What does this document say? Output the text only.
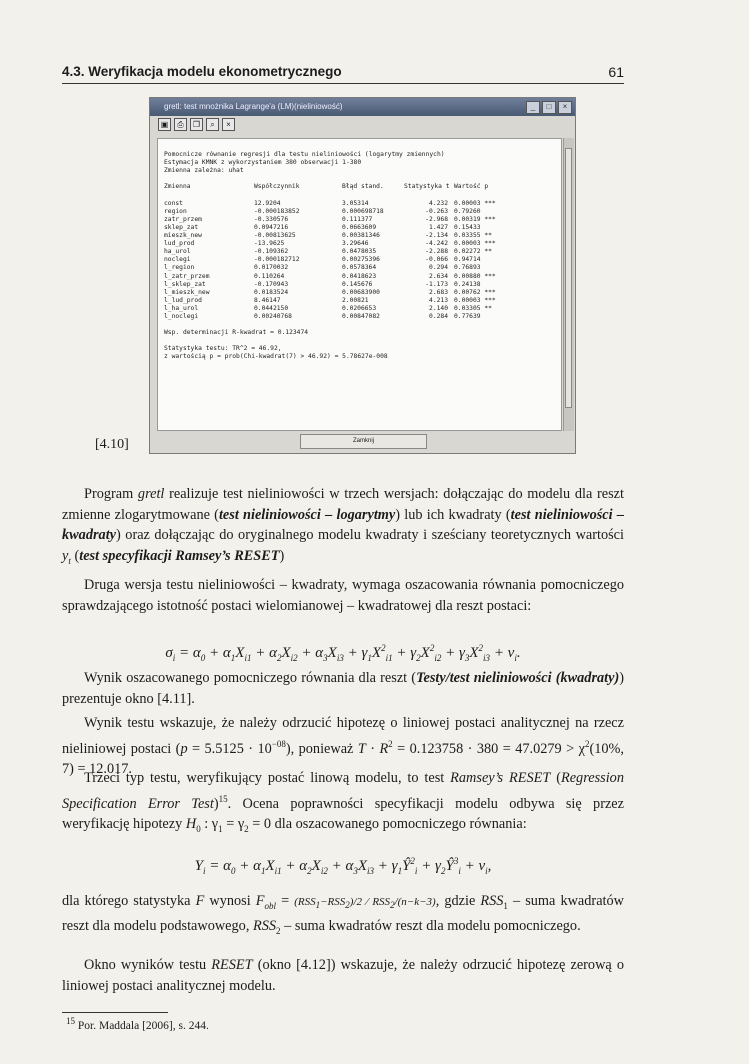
4.3. Weryfikacja modelu ekonometrycznego	61
gretl: test mnożnika Lagrange'a (LM)(nieliniowość)	_	□	×
▣	⎙	❐	⌕	×

Pomocnicze równanie regresji dla testu nieliniowości (logarytmy zmiennych)
Estymacja KMNK z wykorzystaniem 380 obserwacji 1-380
Zmienna zależna: uhat

Zmienna	Współczynnik	Błąd stand.	Statystyka t Wartość p

const	12.9204	3.05314	4.232 0.00003 ***
region	-0.000183852	0.000698718	-0.263 0.79260
zatr_przem	-0.330576	0.111377	-2.968 0.00319 ***
sklep_zat	0.0947216	0.0663609	1.427 0.15433
mieszk_new	-0.00813625	0.00381346	-2.134 0.03355 **
lud_prod	-13.9625	3.29646	-4.242 0.00003 ***
ha_urol	-0.109362	0.0478035	-2.288 0.02272 **
noclegi	-0.000182712	0.00275396	-0.066 0.94714
l_region	0.0170032	0.0578364	0.294 0.76893
l_zatr_przem	0.110264	0.0418623	2.634 0.00880 ***
l_sklep_zat	-0.170943	0.145676	-1.173 0.24138
l_mieszk_new	0.0183524	0.00683900	2.683 0.00762 ***
l_lud_prod	8.46147	2.00821	4.213 0.00003 ***
l_ha_urol	0.0442150	0.0206653	2.140 0.03305 **
l_noclegi	0.00240768	0.00847082	0.284 0.77639

Wsp. determinacji R-kwadrat = 0.123474

Statystyka testu: TR^2 = 46.92,
z wartością p = prob(Chi-kwadrat(7) > 46.92) = 5.78627e-008

Zamknij
[4.10]
Program gretl realizuje test nieliniowości w trzech wersjach: dołączając do modelu dla reszt zmienne zlogarytmowane (test nieliniowości – logarytmy) lub ich kwadraty (test nieliniowości – kwadraty) oraz dołączając do oryginalnego modelu kwadraty i sześciany teoretycznych wartości $y_t$ (test specyfikacji Ramsey’s RESET)
Druga wersja testu nieliniowości – kwadraty, wymaga oszacowania równania pomocniczego sprawdzającego istotność postaci wielomianowej – kwadratowej dla reszt postaci:
$\sigma_i = \alpha_0 + \alpha_1X_{i1} + \alpha_2X_{i2} + \alpha_3X_{i3} + \gamma_1X^2_{i1} + \gamma_2X^2_{i2} + \gamma_3X^2_{i3} + v_i$.
Wynik oszacowanego pomocniczego równania dla reszt (Testy/test nieliniowości (kwadraty)) prezentuje okno [4.11].
Wynik testu wskazuje, że należy odrzucić hipotezę o liniowej postaci analitycznej na rzecz nieliniowej postaci $(p = 5.5125 \cdot 10^{-08})$, ponieważ $T \cdot R^2 = 0.123758 \cdot 380 = 47.0279 > \chi^2(10\%$, 7) = 12.017.
Trzeci typ testu, weryfikujący postać linową modelu, to test Ramsey’s RESET (Regression Specification Error Test)$^{15}$. Ocena poprawności specyfikacji modelu odbywa się przez weryfikację hipotezy $H_0$ : $\gamma_1 = \gamma_2 = 0$ dla oszacowanego pomocniczego równania:
$Y_i = \alpha_0 + \alpha_1X_{i1} + \alpha_2X_{i2} + \alpha_3X_{i3}$ + $\gamma_1Ŷ^2_i$ + $\gamma_2Ŷ^3_i + v_i$,
dla którego statystyka F wynosi $F_{obl} = (RSS_1-RSS_2)/2$ ⁄ $RSS_2/(n-k-3)$, gdzie $RSS_1$ – suma kwadratów reszt dla modelu podstawowego, $RSS_2$ – suma kwadratów reszt dla modelu pomocniczego.
Okno wyników testu RESET (okno [4.12]) wskazuje, że należy odrzucić hipotezę zerową o liniowej postaci analitycznej modelu.
$^{15}$ Por. Maddala [2006], s. 244.
